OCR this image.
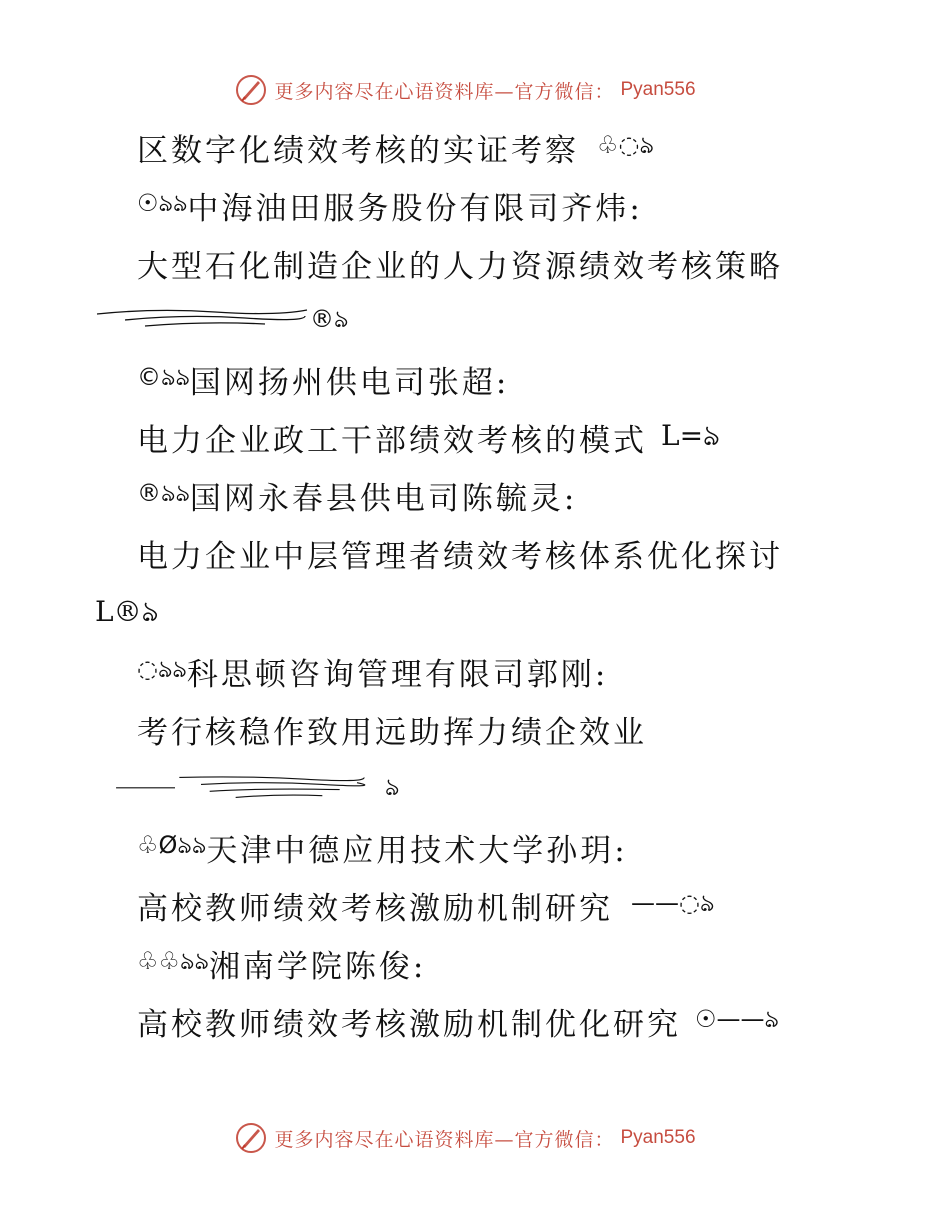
更多内容尽在心语资料库—官方微信： Pyan556
区数字化绩效考核的实证考察 ♧◌ঌ
☉ঌঌ 中海油田服务股份有限司齐炜:
大型石化制造企业的人力资源绩效考核策略
®ঌ
©ঌঌ 国网扬州供电司张超:
电力企业政工干部绩效考核的模式 L=ঌ
®ঌঌ 国网永春县供电司陈毓灵:
电力企业中层管理者绩效考核体系优化探讨
L®ঌ
◌ঌঌ 科思顿咨询管理有限司郭刚:
考行核稳作致用远助挥力绩企效业
ঌ
♧Øঌঌ 天津中德应用技术大学孙玥:
高校教师绩效考核激励机制研究 ——◌ঌ
♧♧ঌঌ 湘南学院陈俊:
高校教师绩效考核激励机制优化研究 ☉——ঌ
更多内容尽在心语资料库—官方微信： Pyan556
